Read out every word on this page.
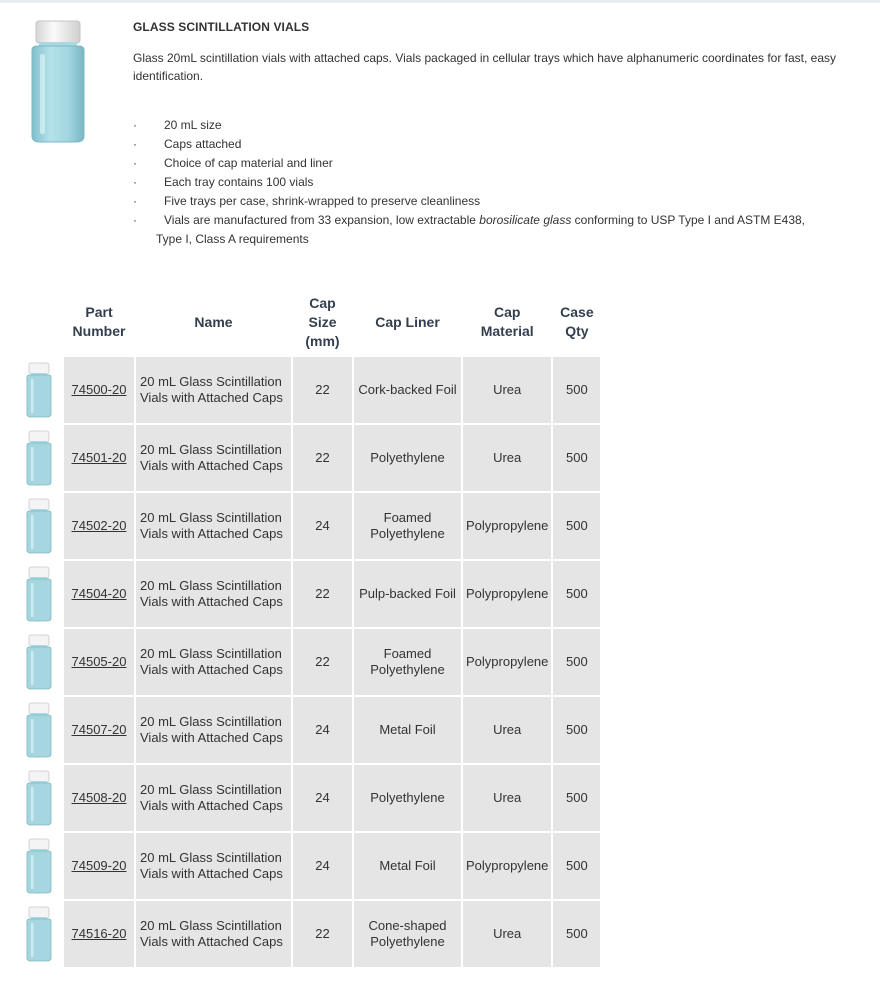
GLASS SCINTILLATION VIALS
Glass 20mL scintillation vials with attached caps. Vials packaged in cellular trays which have alphanumeric coordinates for fast, easy identification.
· 20 mL size
· Caps attached
· Choice of cap material and liner
· Each tray contains 100 vials
· Five trays per case, shrink-wrapped to preserve cleanliness
· Vials are manufactured from 33 expansion, low extractable borosilicate glass conforming to USP Type I and ASTM E438,
Type I, Class A requirements
	Part Number	Name	Cap Size (mm)	Cap Liner	Cap Material	Case Qty

	74500-20	20 mL Glass Scintillation Vials with Attached Caps	22	Cork-backed Foil	Urea	500

	74501-20	20 mL Glass Scintillation Vials with Attached Caps	22	Polyethylene	Urea	500

	74502-20	20 mL Glass Scintillation Vials with Attached Caps	24	Foamed Polyethylene	Polypropylene	500

	74504-20	20 mL Glass Scintillation Vials with Attached Caps	22	Pulp-backed Foil	Polypropylene	500

	74505-20	20 mL Glass Scintillation Vials with Attached Caps	22	Foamed Polyethylene	Polypropylene	500

	74507-20	20 mL Glass Scintillation Vials with Attached Caps	24	Metal Foil	Urea	500

	74508-20	20 mL Glass Scintillation Vials with Attached Caps	24	Polyethylene	Urea	500

	74509-20	20 mL Glass Scintillation Vials with Attached Caps	24	Metal Foil	Polypropylene	500

	74516-20	20 mL Glass Scintillation Vials with Attached Caps	22	Cone-shaped Polyethylene	Urea	500
